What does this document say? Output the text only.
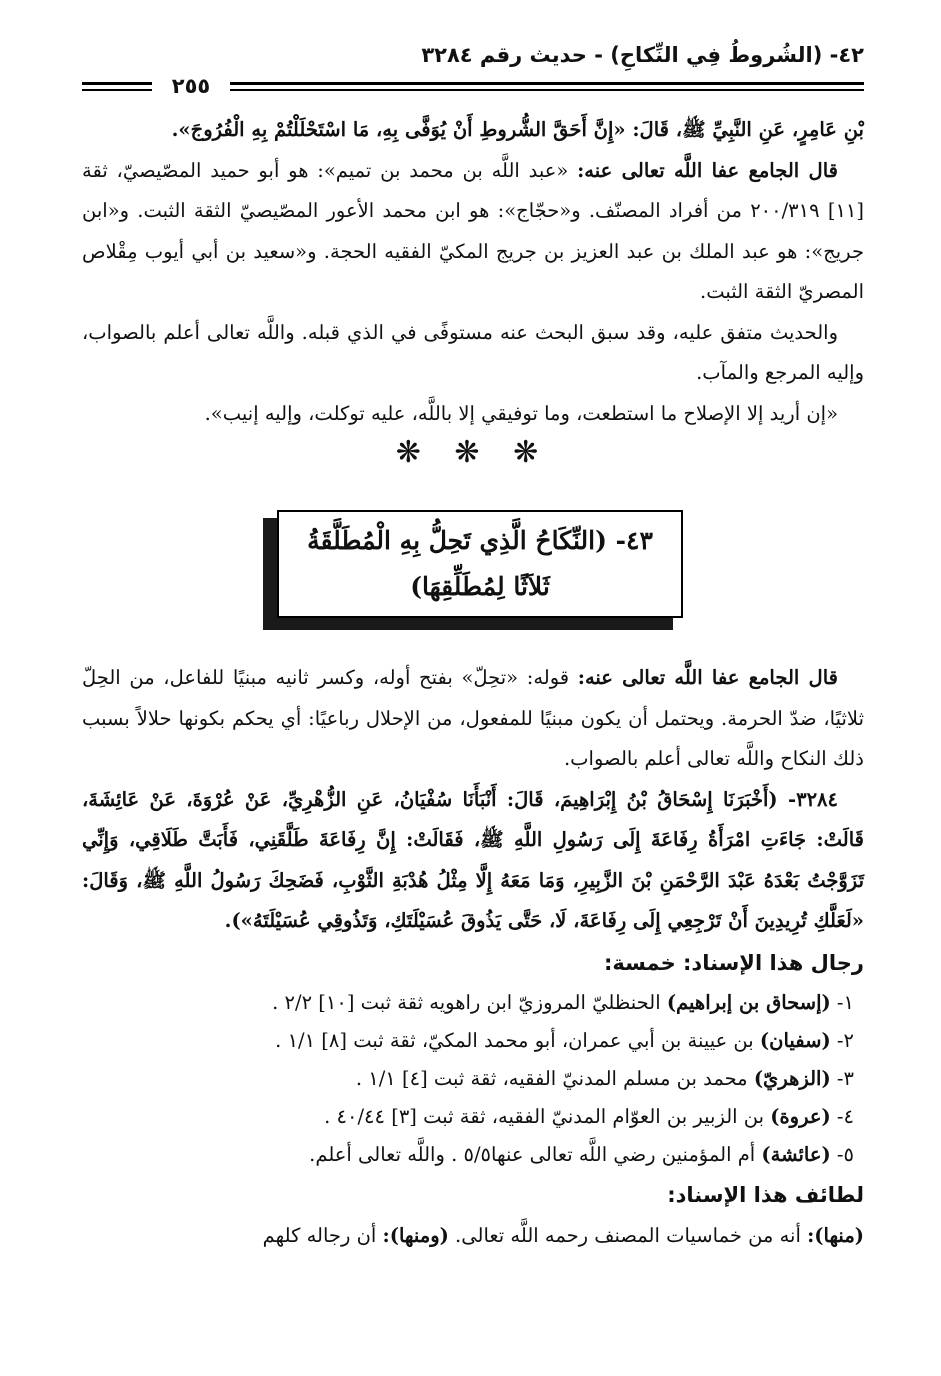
٤٢- (الشُروطُ فِي النِّكاحِ) - حديث رقم ٣٢٨٤
٢٥٥

بْنِ عَامِرٍ، عَنِ النَّبِيِّ ﷺ، قَالَ: «إِنَّ أَحَقَّ الشُّروطِ أَنْ يُوَفَّى بِهِ، مَا اسْتَحْلَلْتُمْ بِهِ الْفُرُوجَ».

قال الجامع عفا اللَّه تعالى عنه: «عبد اللَّه بن محمد بن تميم»: هو أبو حميد المصّيصيّ، ثقة [١١] ٢٠٠/٣١٩ من أفراد المصنّف. و«حجّاج»: هو ابن محمد الأعور المصّيصيّ الثقة الثبت. و«ابن جريج»: هو عبد الملك بن عبد العزيز بن جريج المكيّ الفقيه الحجة. و«سعيد بن أبي أيوب مِقْلاص المصريّ الثقة الثبت.

والحديث متفق عليه، وقد سبق البحث عنه مستوفًى في الذي قبله. واللَّه تعالى أعلم بالصواب، وإليه المرجع والمآب.

«إن أريد إلا الإصلاح ما استطعت، وما توفيقي إلا باللَّه، عليه توكلت، وإليه إنيب».

❋ ❋ ❋

٤٣- (النِّكَاحُ الَّذِي تَحِلُّ بِهِ الْمُطَلَّقَةُ
ثَلاَثًا لِمُطَلِّقِهَا)

قال الجامع عفا اللَّه تعالى عنه: قوله: «تحِلّ» بفتح أوله، وكسر ثانيه مبنيًا للفاعل، من الحِلّ ثلاثيًا، ضدّ الحرمة. ويحتمل أن يكون مبنيًا للمفعول، من الإحلال رباعيًا: أي يحكم بكونها حلالاً بسبب ذلك النكاح واللَّه تعالى أعلم بالصواب.

٣٢٨٤- (أَخْبَرَنَا إِسْحَاقُ بْنُ إِبْرَاهِيمَ، قَالَ: أَنْبَأَنَا سُفْيَانُ، عَنِ الزُّهْرِيِّ، عَنْ عُرْوَةَ، عَنْ عَائِشَةَ، قَالَتْ: جَاءَتِ امْرَأَةُ رِفَاعَةَ إِلَى رَسُولِ اللَّهِ ﷺ، فَقَالَتْ: إِنَّ رِفَاعَةَ طَلَّقَنِي، فَأَبَتَّ طَلَاقِي، وَإِنِّي تَزَوَّجْتُ بَعْدَهُ عَبْدَ الرَّحْمَنِ بْنَ الزَّبِيرِ، وَمَا مَعَهُ إِلَّا مِثْلُ هُدْبَةِ الثَّوْبِ، فَضَحِكَ رَسُولُ اللَّهِ ﷺ، وَقَالَ: «لَعَلَّكِ تُرِيدِينَ أَنْ تَرْجِعِي إِلَى رِفَاعَةَ، لَا، حَتَّى يَذُوقَ عُسَيْلَتَكِ، وَتَذُوقِي عُسَيْلَتَهُ»).

رجال هذا الإسناد: خمسة:

١- (إسحاق بن إبراهيم) الحنظليّ المروزيّ ابن راهويه ثقة ثبت [١٠] ٢/٢ .

٢- (سفيان) بن عيينة بن أبي عمران، أبو محمد المكيّ، ثقة ثبت [٨] ١/١ .

٣- (الزهريّ) محمد بن مسلم المدنيّ الفقيه، ثقة ثبت [٤] ١/١ .

٤- (عروة) بن الزبير بن العوّام المدنيّ الفقيه، ثقة ثبت [٣] ٤٠/٤٤ .

٥- (عائشة) أم المؤمنين رضي اللَّه تعالى عنها٥/٥ . واللَّه تعالى أعلم.

لطائف هذا الإسناد:

(منها): أنه من خماسيات المصنف رحمه اللَّه تعالى. (ومنها): أن رجاله كلهم
